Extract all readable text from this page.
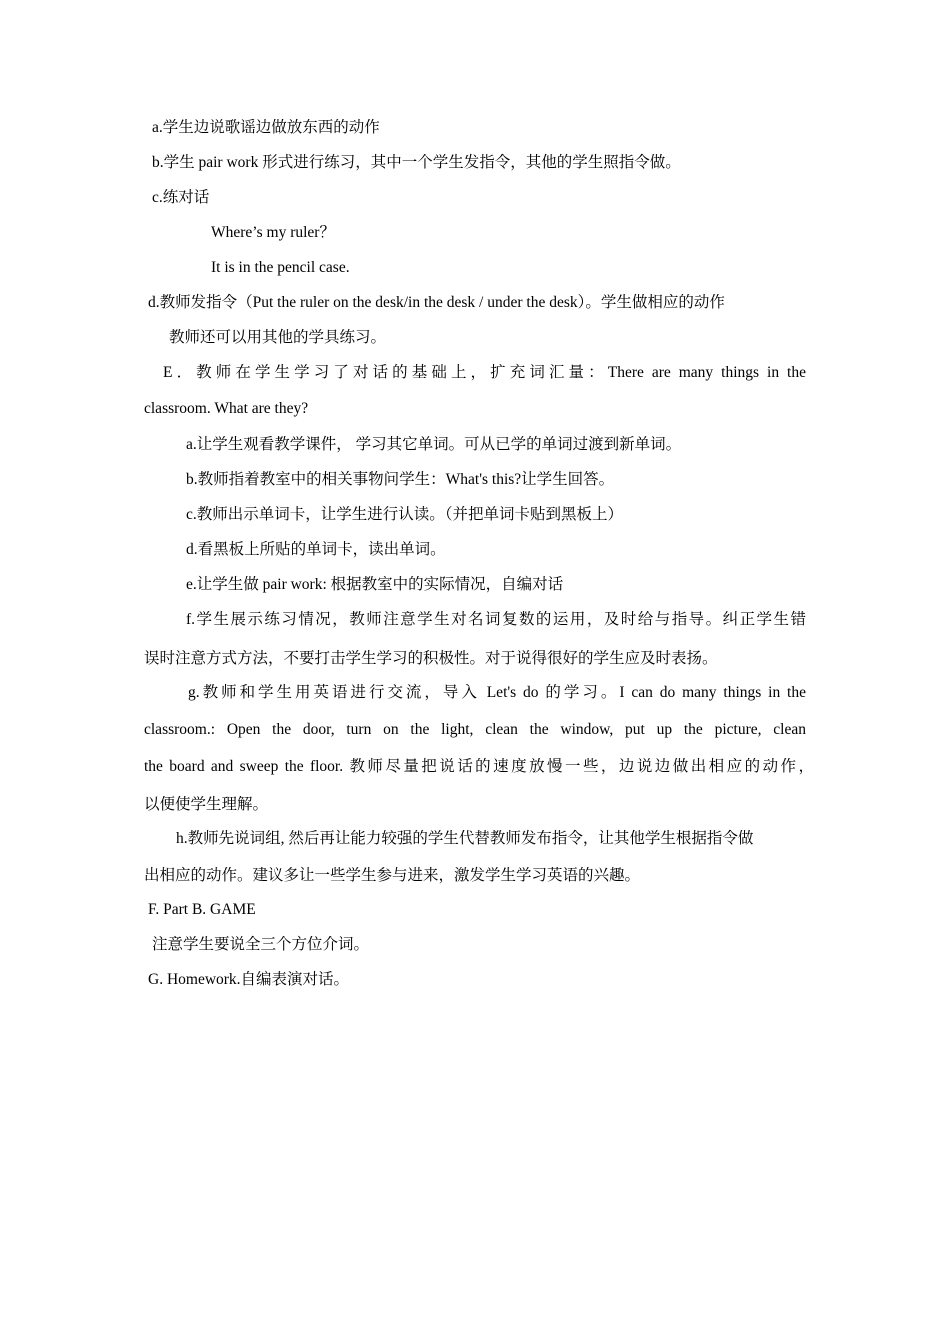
a.学生边说歌谣边做放东西的动作
b.学生 pair work 形式进行练习，其中一个学生发指令，其他的学生照指令做。
c.练对话
Where’s my ruler？
It is in the pencil case.
d.教师发指令（Put the ruler on the desk/in the desk / under the desk）。学生做相应的动作
教师还可以用其他的学具练习。
E．教师在学生学习了对话的基础上，扩充词汇量：There are many things in the
classroom. What are they?
a.让学生观看教学课件， 学习其它单词。可从已学的单词过渡到新单词。
b.教师指着教室中的相关事物问学生：What's this?让学生回答。
c.教师出示单词卡，让学生进行认读。（并把单词卡贴到黑板上）
d.看黑板上所贴的单词卡，读出单词。
e.让学生做 pair work: 根据教室中的实际情况，自编对话
f.学生展示练习情况，教师注意学生对名词复数的运用，及时给与指导。纠正学生错
误时注意方式方法，不要打击学生学习的积极性。对于说得很好的学生应及时表扬。
g.教师和学生用英语进行交流，导入 Let's do 的学习。I can do many things in the
classroom.: Open the door, turn on the light, clean the window, put up the picture, clean
the board and sweep the floor. 教师尽量把说话的速度放慢一些，边说边做出相应的动作，
以便使学生理解。
h.教师先说词组, 然后再让能力较强的学生代替教师发布指令，让其他学生根据指令做
出相应的动作。建议多让一些学生参与进来，激发学生学习英语的兴趣。
F. Part B. GAME
注意学生要说全三个方位介词。
G. Homework.自编表演对话。
